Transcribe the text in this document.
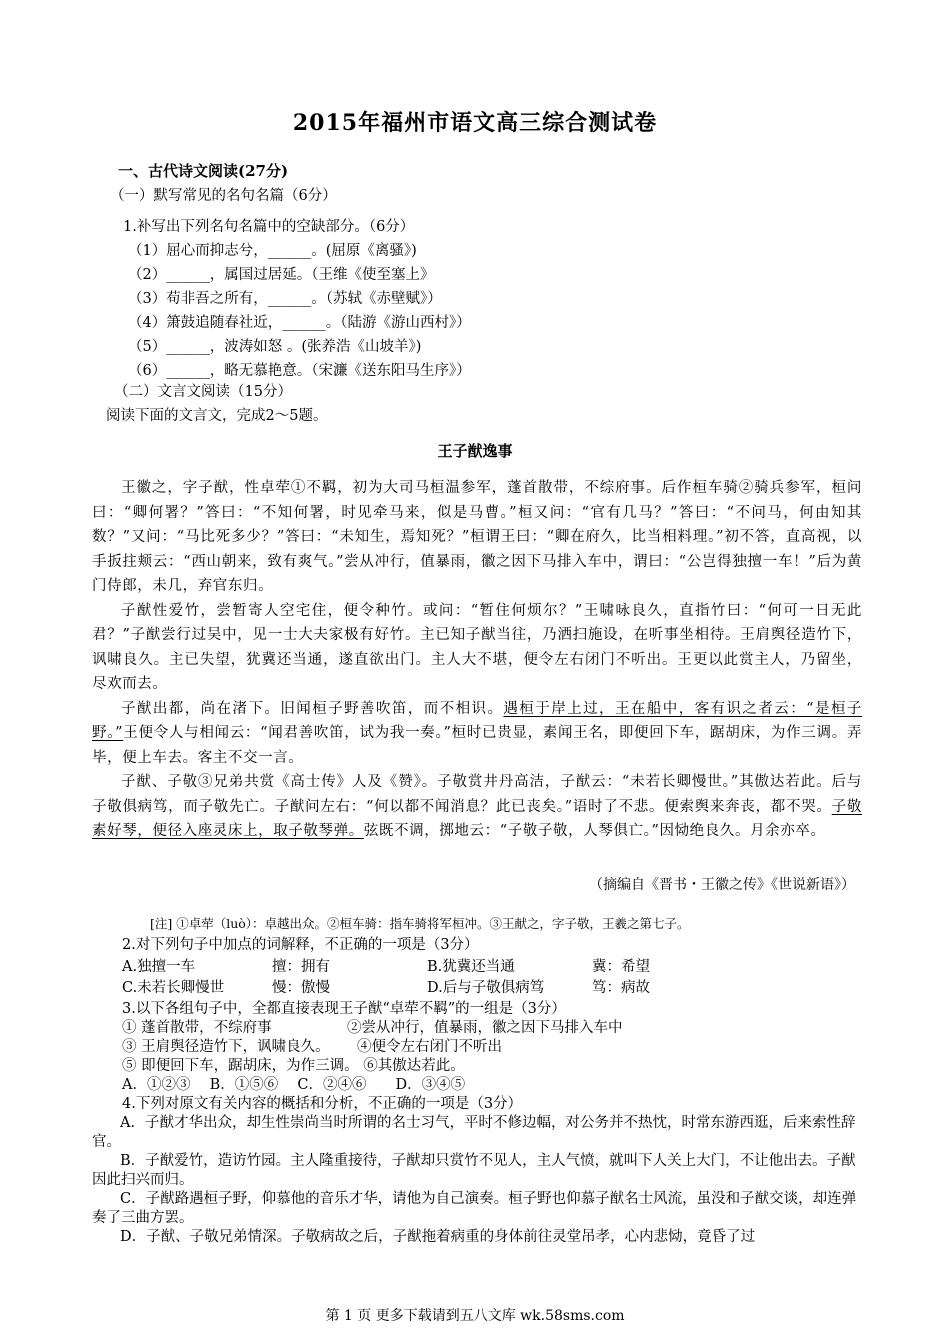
2015年福州市语文高三综合测试卷
一、古代诗文阅读(27分)
（一）默写常见的名句名篇（6分）
1.补写出下列名句名篇中的空缺部分。（6分）
（1）屈心而抑志兮，______。(屈原《离骚》)
（2）______，属国过居延。（王维《使至塞上》
（3）苟非吾之所有，______。（苏轼《赤壁赋》）
（4）箫鼓追随春社近，______。（陆游《游山西村》）
（5）______，波涛如怒 。(张养浩《山坡羊》)
（6）______，略无慕艳意。（宋濂《送东阳马生序》）
（二）文言文阅读（15分）
阅读下面的文言文，完成2～5题。
王子猷逸事

王徽之，字子猷，性卓荦①不羁，初为大司马桓温参军，蓬首散带，不综府事。后作桓车骑②骑兵参军，桓问曰：“卿何署？”答曰：“不知何署，时见牵马来，似是马曹。”桓又问：“官有几马？”答曰：“不问马，何由知其数？”又问：“马比死多少？”答曰：“未知生，焉知死？”桓谓王曰：“卿在府久，比当相料理。”初不答，直高视，以手扳拄颊云：“西山朝来，致有爽气。”尝从冲行，值暴雨，徽之因下马排入车中，谓曰：“公岂得独擅一车！”后为黄门侍郎，未几，弃官东归。

子猷性爱竹，尝暂寄人空宅住，便令种竹。或问：“暂住何烦尔？”王啸咏良久，直指竹曰：“何可一日无此君？”子猷尝行过吴中，见一士大夫家极有好竹。主已知子猷当往，乃洒扫施设，在听事坐相待。王肩舆径造竹下，讽啸良久。主已失望，犹冀还当通，遂直欲出门。主人大不堪，便令左右闭门不听出。王更以此赏主人，乃留坐，尽欢而去。

子猷出都，尚在渚下。旧闻桓子野善吹笛，而不相识。遇桓于岸上过，王在船中，客有识之者云：“是桓子野。”王便令人与相闻云：“闻君善吹笛，试为我一奏。”桓时已贵显，素闻王名，即便回下车，踞胡床，为作三调。弄毕，便上车去。客主不交一言。

子猷、子敬③兄弟共赏《高士传》人及《赞》。子敬赏井丹高洁，子猷云：“未若长卿慢世。”其傲达若此。后与子敬俱病笃，而子敬先亡。子猷问左右：“何以都不闻消息？此已丧矣。”语时了不悲。便索舆来奔丧，都不哭。子敬素好琴，便径入座灵床上，取子敬琴弹。弦既不调，掷地云：“子敬子敬，人琴俱亡。”因恸绝良久。月余亦卒。

（摘编自《晋书・王徽之传》《世说新语》）
[注] ①卓荦（luò）：卓越出众。②桓车骑：指车骑将军桓冲。③王献之，字子敬，王羲之第七子。
2.对下列句子中加点的词解释，不正确的一项是（3分）
A.独擅一车	擅：拥有	B.犹冀还当通	冀：希望
C.未若长卿慢世	慢：傲慢	D.后与子敬俱病笃	笃：病故
3.以下各组句子中，全都直接表现王子猷“卓荦不羁”的一组是（3分）
① 蓬首散带，不综府事	②尝从冲行，值暴雨，徽之因下马排入车中
③ 王肩舆径造竹下，讽啸良久。 ④便令左右闭门不听出
⑤ 即便回下车，踞胡床，为作三调。 ⑥其傲达若此。
A．①②③　 B．①⑤⑥　 C．②④⑥　　D．③④⑤
4.下列对原文有关内容的概括和分析，不正确的一项是（3分）
A．子猷才华出众，却生性崇尚当时所谓的名士习气，平时不修边幅，对公务并不热忱，时常东游西逛，后来索性辞官。
B．子猷爱竹，造访竹园。主人隆重接待，子猷却只赏竹不见人，主人气愤，就叫下人关上大门，不让他出去。子猷因此扫兴而归。
C．子猷路遇桓子野，仰慕他的音乐才华，请他为自己演奏。桓子野也仰慕子猷名士风流，虽没和子猷交谈，却连弹奏了三曲方罢。
D．子猷、子敬兄弟情深。子敬病故之后，子猷拖着病重的身体前往灵堂吊孝，心内悲恸，竟昏了过
第 1 页 更多下载请到五八文库 wk.58sms.com
